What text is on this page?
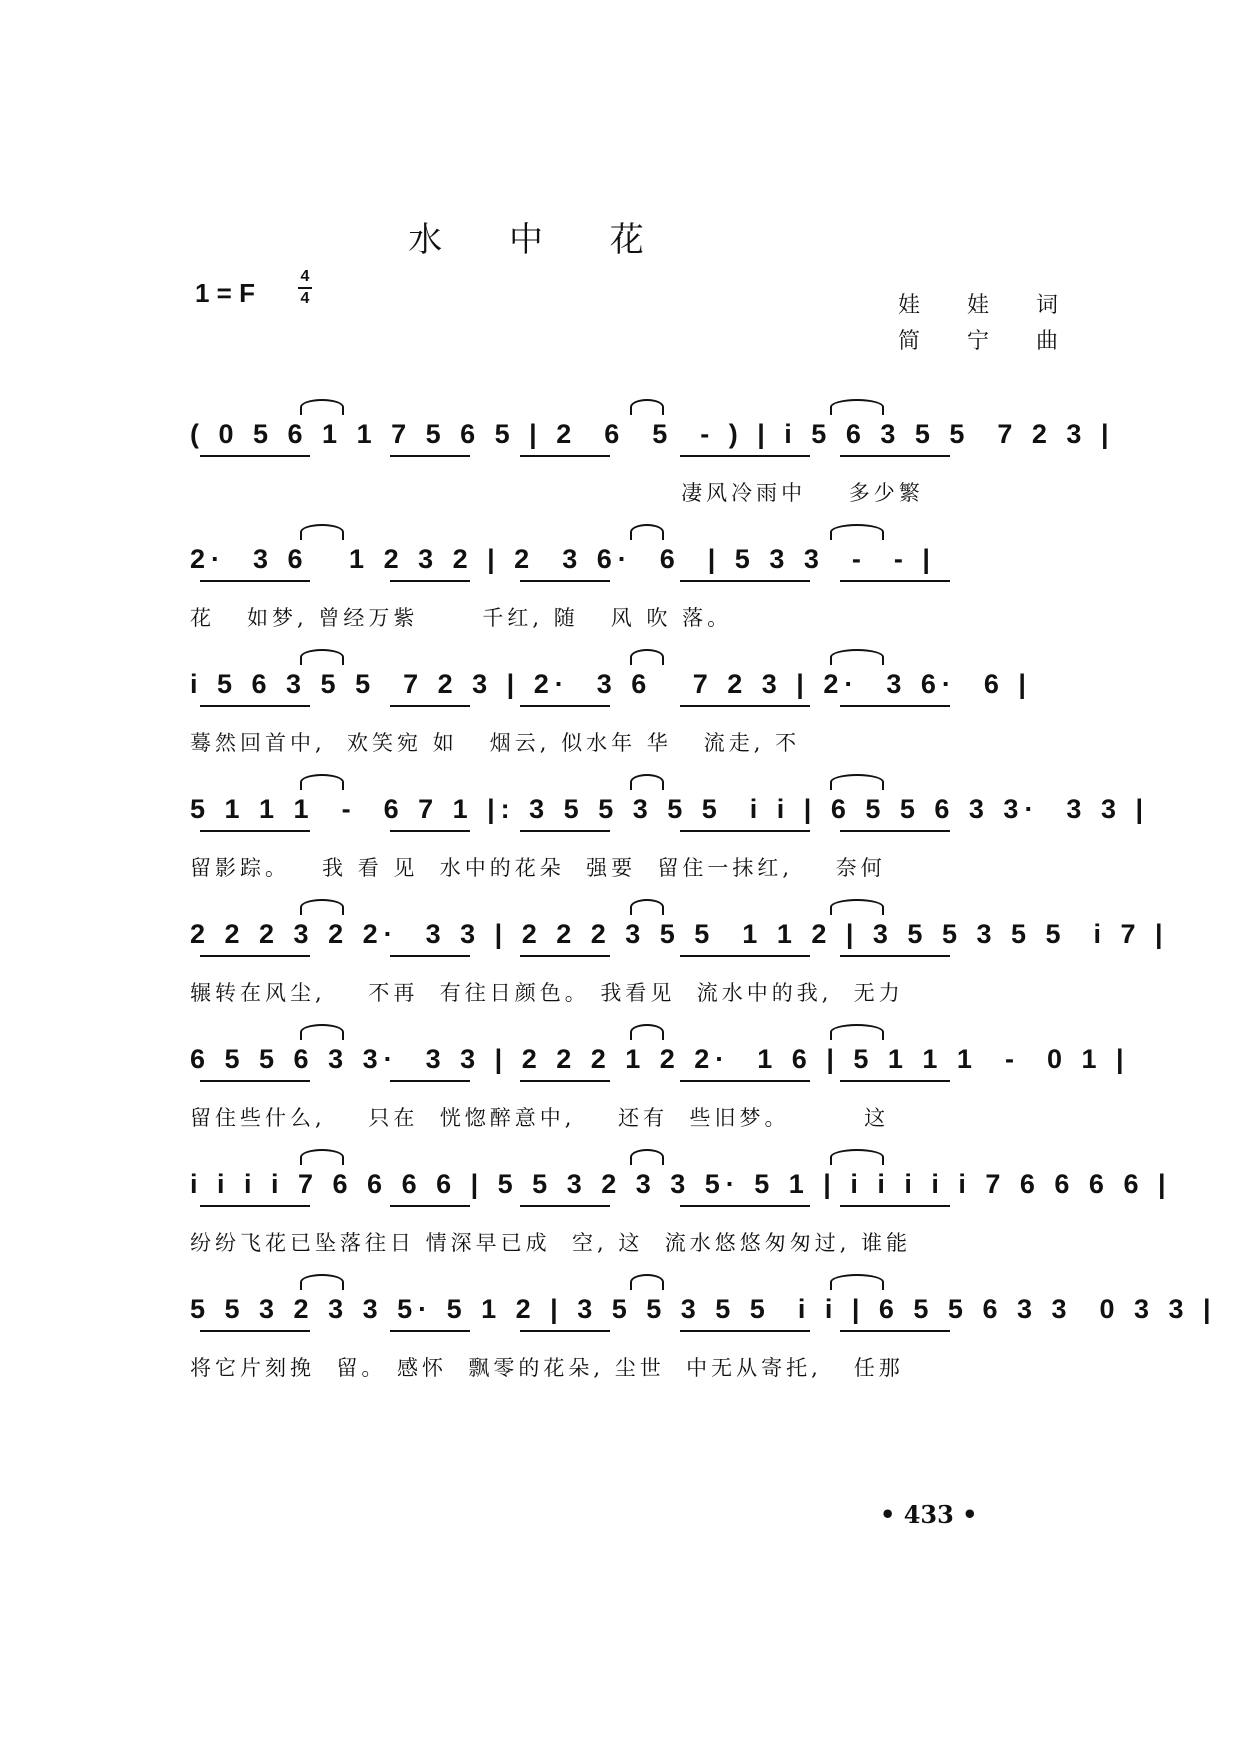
水 中 花
1 = F
4
4	娃 娃 词
简 宁 曲
( 0 5 6 1 1 7 5 6 5 | 2  6  5  - ) | i 5 6 3 5 5  7 2 3 |
凄风冷雨中    多少繁
2·  3 6   1 2 3 2 | 2  3 6·  6  | 5 3 3  -  - |
花   如梦, 曾经万紫      千红, 随   风 吹 落。
i 5 6 3 5 5  7 2 3 | 2·  3 6   7 2 3 | 2·  3 6·  6 |
蓦然回首中,  欢笑宛 如   烟云, 似水年 华   流走, 不
5 1 1 1  -  6 7 1 |: 3 5 5 3 5 5  i i | 6 5 5 6 3 3·  3 3 |
留影踪。   我 看 见  水中的花朵  强要  留住一抹红,    奈何
2 2 2 3 2 2·  3 3 | 2 2 2 3 5 5  1 1 2 | 3 5 5 3 5 5  i 7 |
辗转在风尘,    不再  有往日颜色。 我看见  流水中的我,  无力
6 5 5 6 3 3·  3 3 | 2 2 2 1 2 2·  1 6 | 5 1 1 1  -  0 1 |
留住些什么,    只在  恍惚醉意中,    还有  些旧梦。       这
i i i i 7 6 6 6 6 | 5 5 3 2 3 3 5· 5 1 | i i i i i 7 6 6 6 6 |
纷纷飞花已坠落往日 情深早已成  空, 这  流水悠悠匆匆过, 谁能
5 5 3 2 3 3 5· 5 1 2 | 3 5 5 3 5 5  i i | 6 5 5 6 3 3  0 3 3 |
将它片刻挽  留。 感怀  飘零的花朵, 尘世  中无从寄托,   任那
• 433 •
